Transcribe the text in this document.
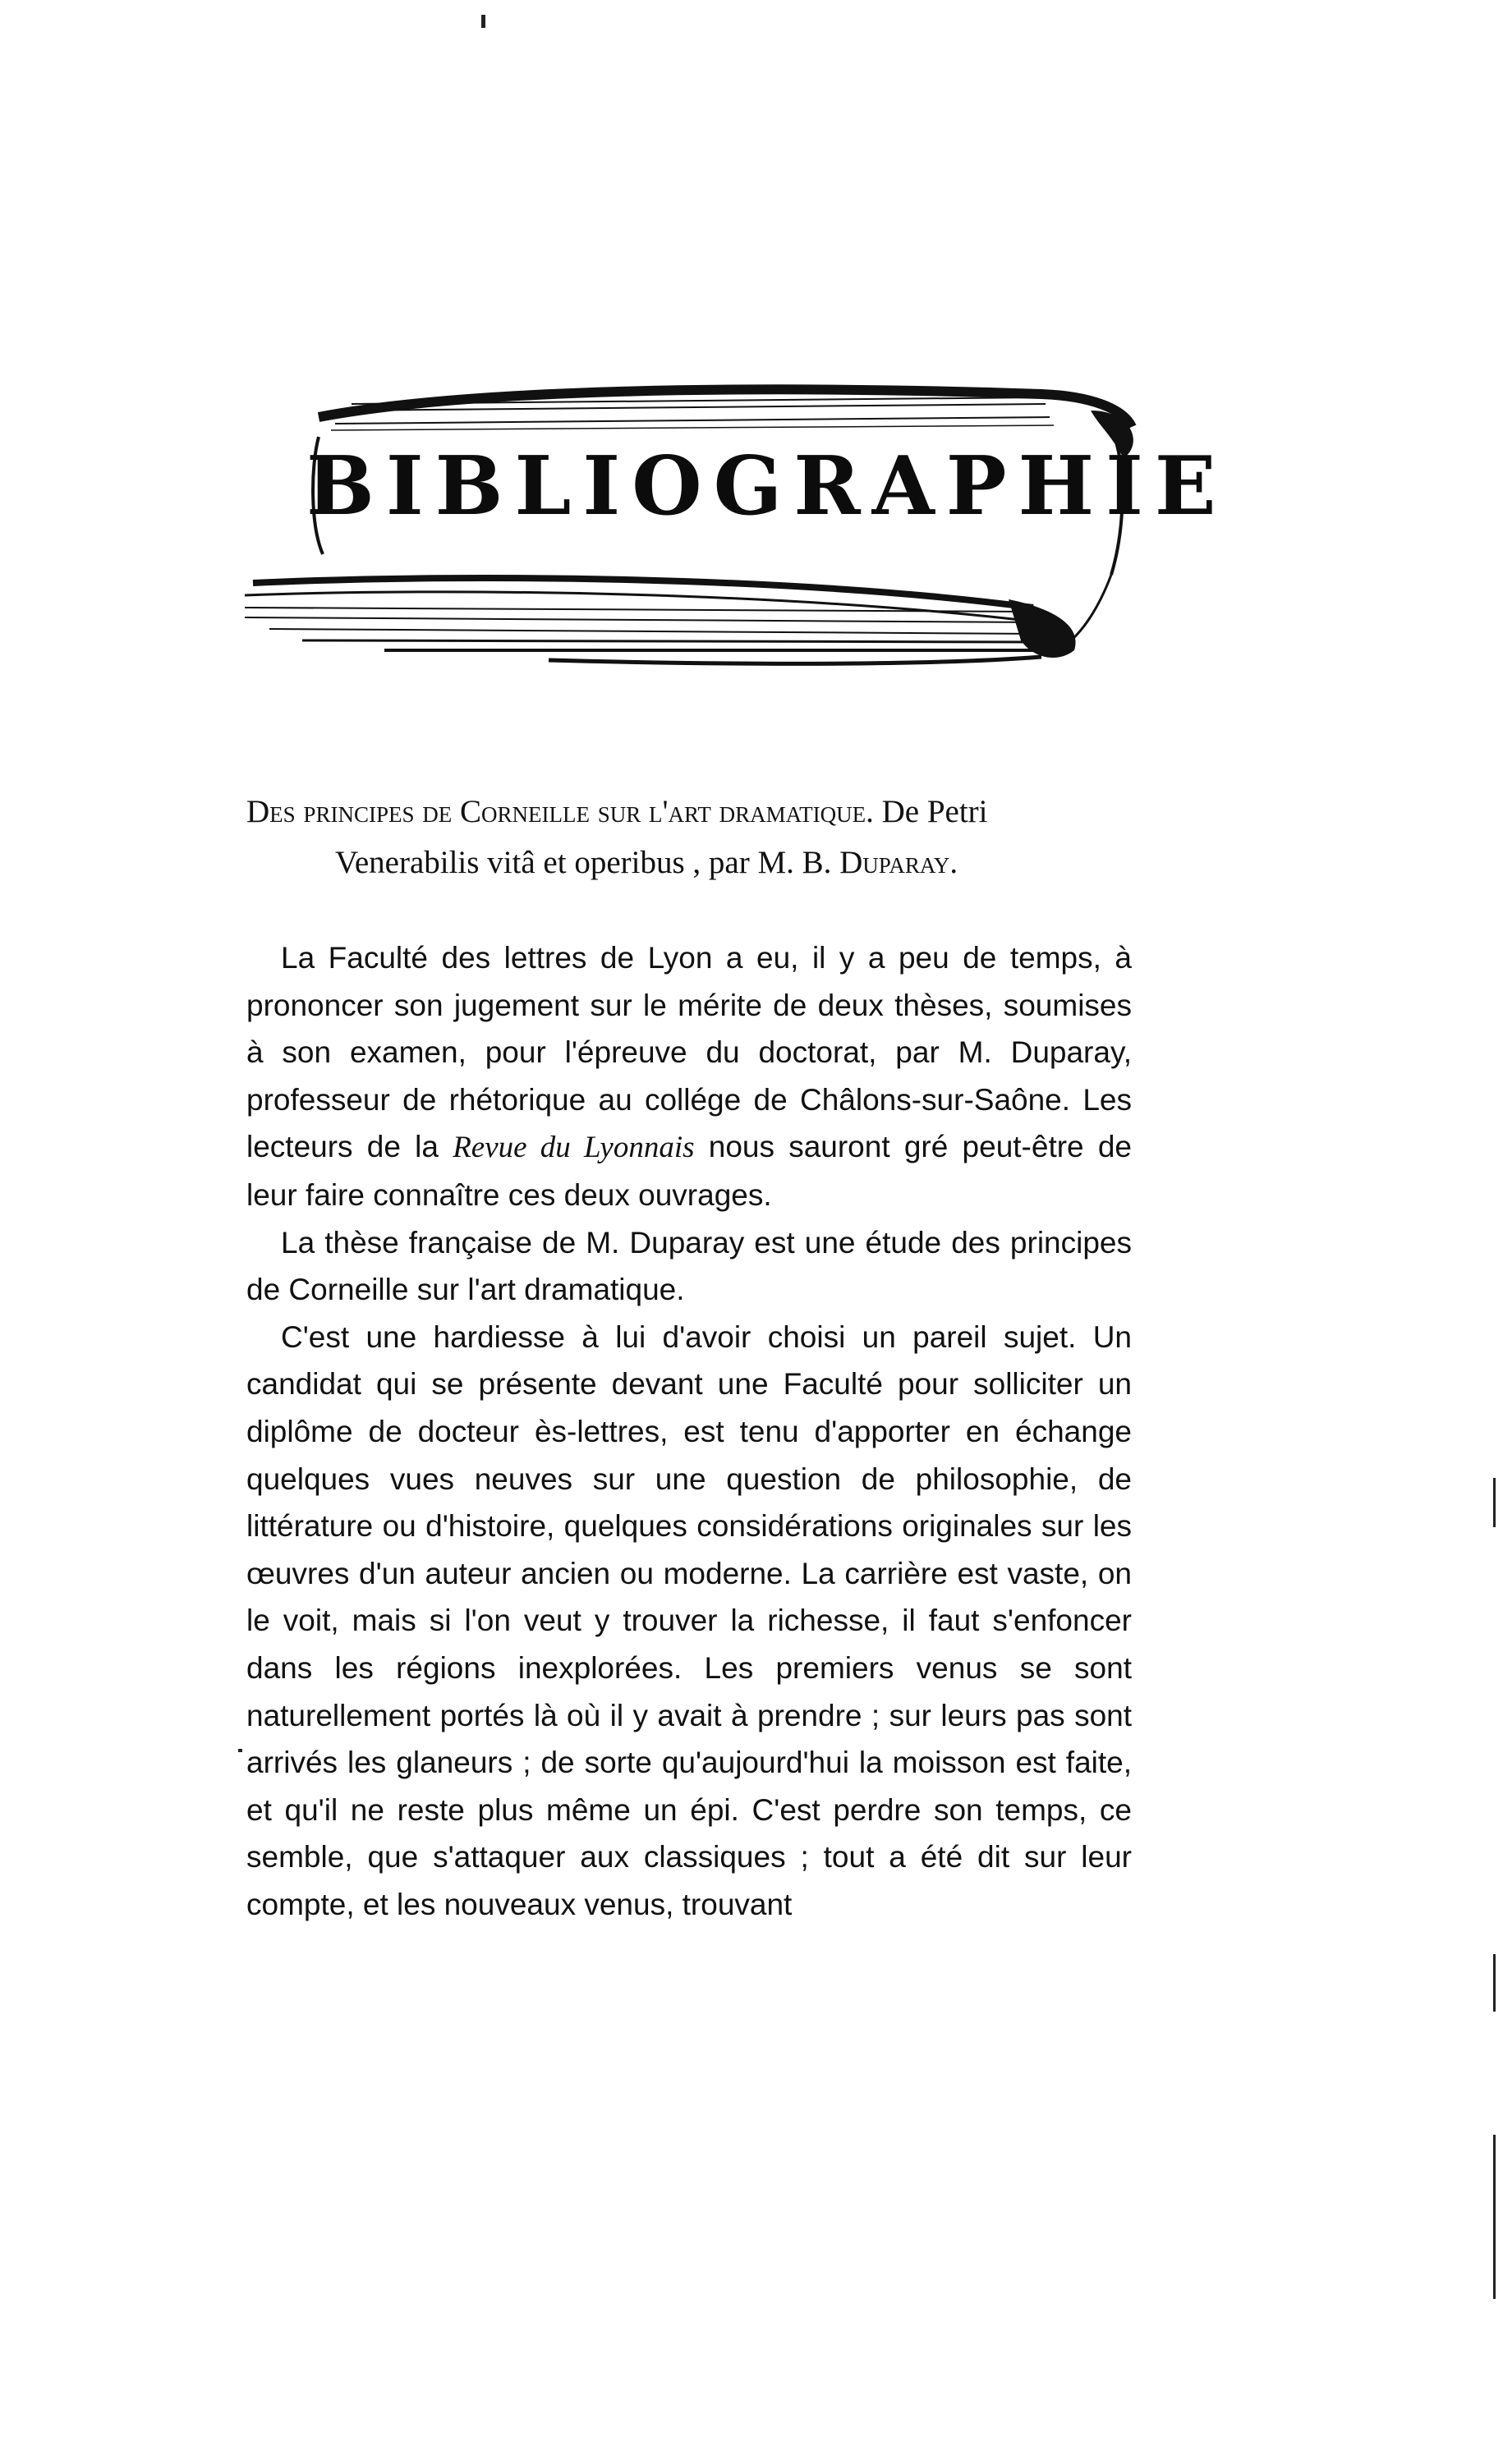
BIBLIOGRAPHIE
Des principes de Corneille sur l'art dramatique. De Petri
Venerabilis vitâ et operibus , par M. B. Duparay.

La Faculté des lettres de Lyon a eu, il y a peu de temps, à prononcer son jugement sur le mérite de deux thèses, soumises à son examen, pour l'épreuve du doctorat, par M. Duparay, professeur de rhétorique au collége de Châlons-sur-Saône. Les lecteurs de la Revue du Lyonnais nous sauront gré peut-être de leur faire connaître ces deux ouvrages.

La thèse française de M. Duparay est une étude des principes de Corneille sur l'art dramatique.

C'est une hardiesse à lui d'avoir choisi un pareil sujet. Un candidat qui se présente devant une Faculté pour solliciter un diplôme de docteur ès-lettres, est tenu d'apporter en échange quelques vues neuves sur une question de philosophie, de littérature ou d'histoire, quelques considérations originales sur les œuvres d'un auteur ancien ou moderne. La carrière est vaste, on le voit, mais si l'on veut y trouver la richesse, il faut s'enfoncer dans les régions inexplorées. Les premiers venus se sont naturellement portés là où il y avait à prendre ; sur leurs pas sont arrivés les glaneurs ; de sorte qu'aujourd'hui la moisson est faite, et qu'il ne reste plus même un épi. C'est perdre son temps, ce semble, que s'attaquer aux classiques ; tout a été dit sur leur compte, et les nouveaux venus, trouvant
